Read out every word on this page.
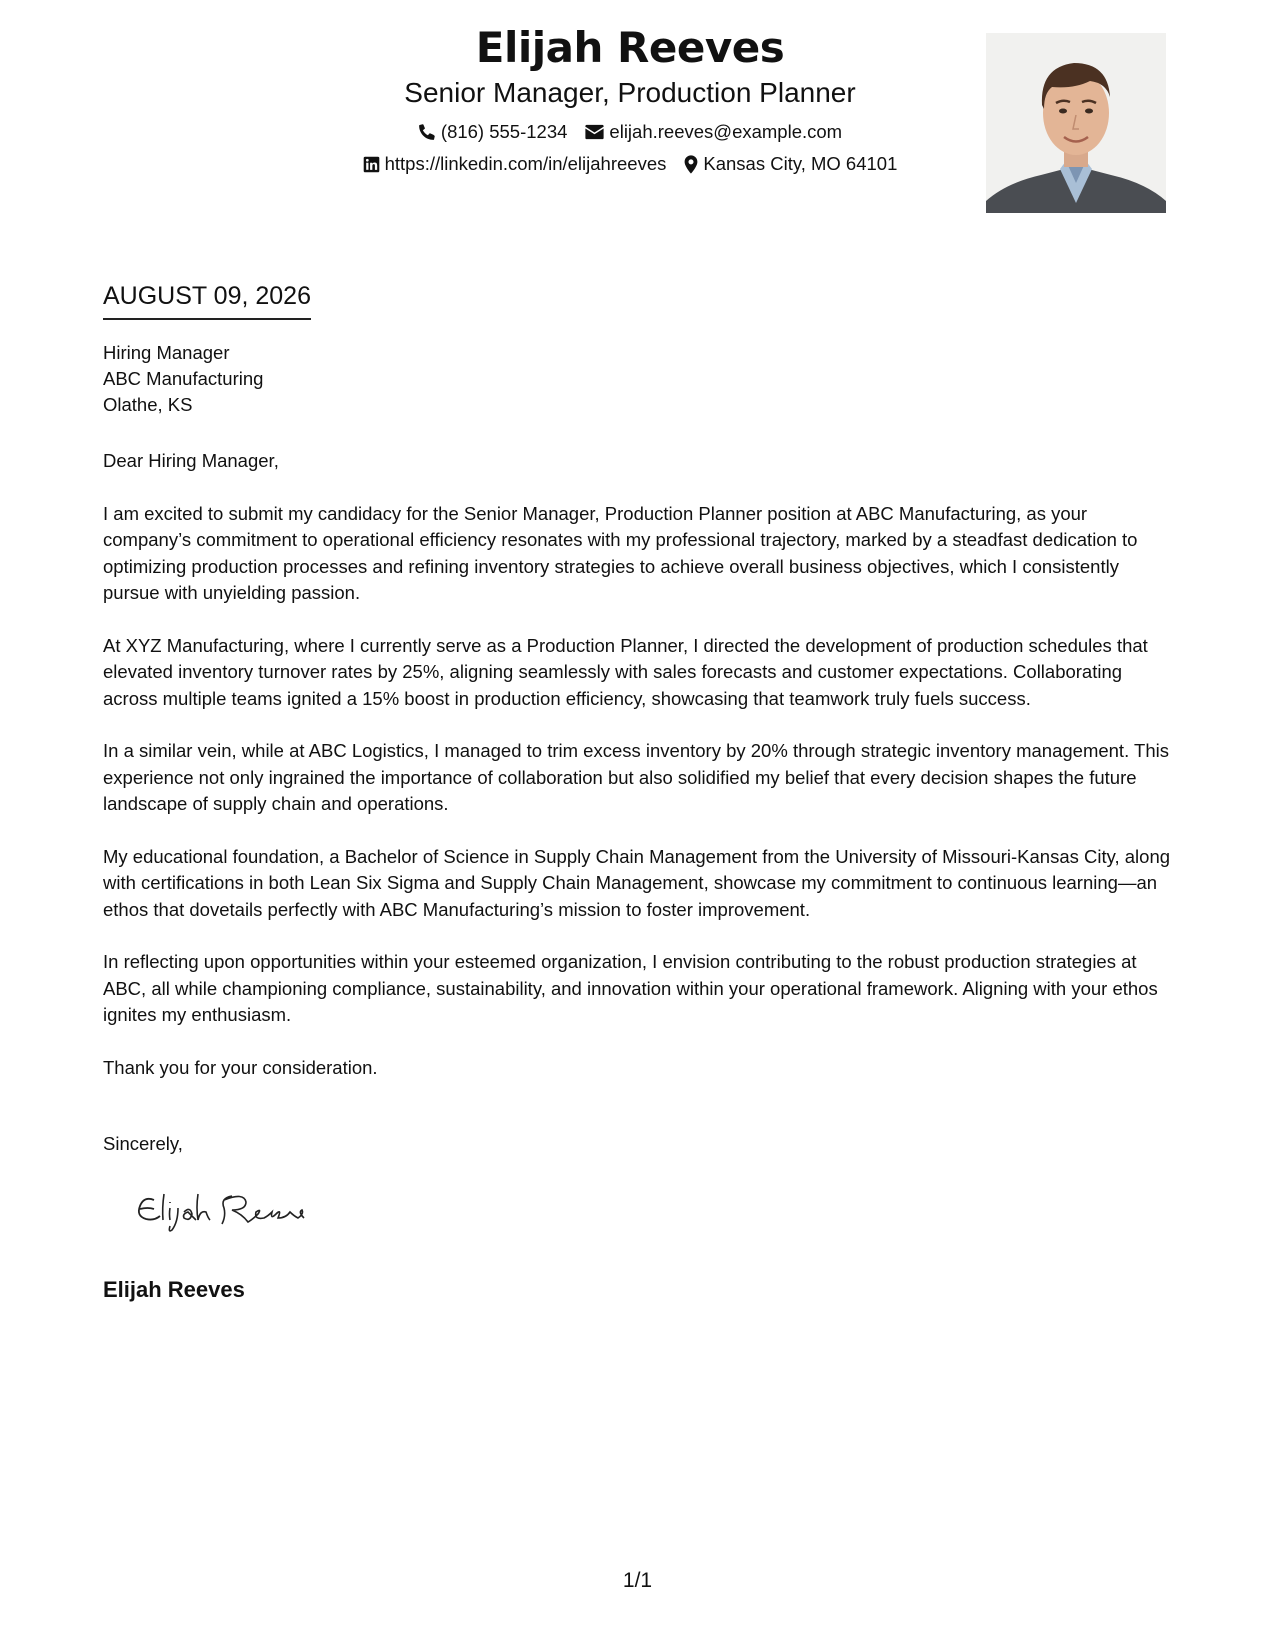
Elijah Reeves
Senior Manager, Production Planner
(816) 555-1234 elijah.reeves@example.com
https://linkedin.com/in/elijahreeves Kansas City, MO 64101
AUGUST 09, 2026
Hiring Manager
ABC Manufacturing
Olathe, KS

Dear Hiring Manager,

I am excited to submit my candidacy for the Senior Manager, Production Planner position at ABC Manufacturing, as your company’s commitment to operational efficiency resonates with my professional trajectory, marked by a steadfast dedication to optimizing production processes and refining inventory strategies to achieve overall business objectives, which I consistently pursue with unyielding passion.

At XYZ Manufacturing, where I currently serve as a Production Planner, I directed the development of production schedules that elevated inventory turnover rates by 25%, aligning seamlessly with sales forecasts and customer expectations. Collaborating across multiple teams ignited a 15% boost in production efficiency, showcasing that teamwork truly fuels success.

In a similar vein, while at ABC Logistics, I managed to trim excess inventory by 20% through strategic inventory management. This experience not only ingrained the importance of collaboration but also solidified my belief that every decision shapes the future landscape of supply chain and operations.

My educational foundation, a Bachelor of Science in Supply Chain Management from the University of Missouri-Kansas City, along with certifications in both Lean Six Sigma and Supply Chain Management, showcase my commitment to continuous learning—an ethos that dovetails perfectly with ABC Manufacturing’s mission to foster improvement.

In reflecting upon opportunities within your esteemed organization, I envision contributing to the robust production strategies at ABC, all while championing compliance, sustainability, and innovation within your operational framework. Aligning with your ethos ignites my enthusiasm.

Thank you for your consideration.

Sincerely,
Elijah Reeves
1/1
